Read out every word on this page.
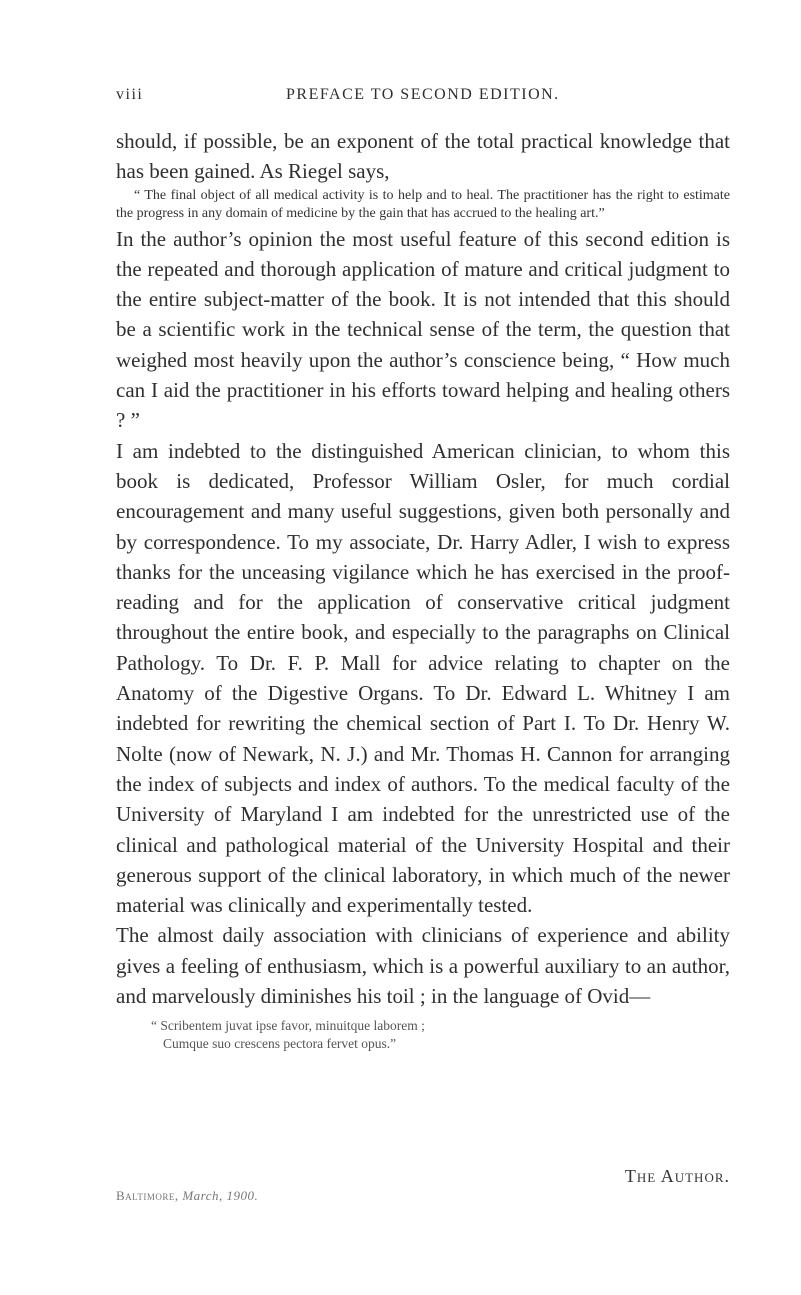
viii	PREFACE TO SECOND EDITION.

should, if possible, be an exponent of the total practical knowledge that has been gained. As Riegel says,

“ The final object of all medical activity is to help and to heal. The practitioner has the right to estimate the progress in any domain of medicine by the gain that has accrued to the healing art.”

In the author’s opinion the most useful feature of this second edition is the repeated and thorough application of mature and critical judgment to the entire subject-matter of the book. It is not intended that this should be a scientific work in the technical sense of the term, the question that weighed most heavily upon the author’s conscience being, “ How much can I aid the practitioner in his efforts toward helping and healing others ? ”

I am indebted to the distinguished American clinician, to whom this book is dedicated, Professor William Osler, for much cordial encouragement and many useful suggestions, given both personally and by correspondence. To my associate, Dr. Harry Adler, I wish to express thanks for the unceasing vigilance which he has exercised in the proof-reading and for the application of conservative critical judgment throughout the entire book, and especially to the paragraphs on Clinical Pathology. To Dr. F. P. Mall for advice relating to chapter on the Anatomy of the Digestive Organs. To Dr. Edward L. Whitney I am indebted for rewriting the chemical section of Part I. To Dr. Henry W. Nolte (now of Newark, N. J.) and Mr. Thomas H. Cannon for arranging the index of subjects and index of authors. To the medical faculty of the University of Maryland I am indebted for the unrestricted use of the clinical and pathological material of the University Hospital and their generous support of the clinical laboratory, in which much of the newer material was clinically and experimentally tested.

The almost daily association with clinicians of experience and ability gives a feeling of enthusiasm, which is a powerful auxiliary to an author, and marvelously diminishes his toil ; in the language of Ovid—

“ Scribentem juvat ipse favor, minuitque laborem ;
Cumque suo crescens pectora fervet opus.”
The Author.
Baltimore, March, 1900.
